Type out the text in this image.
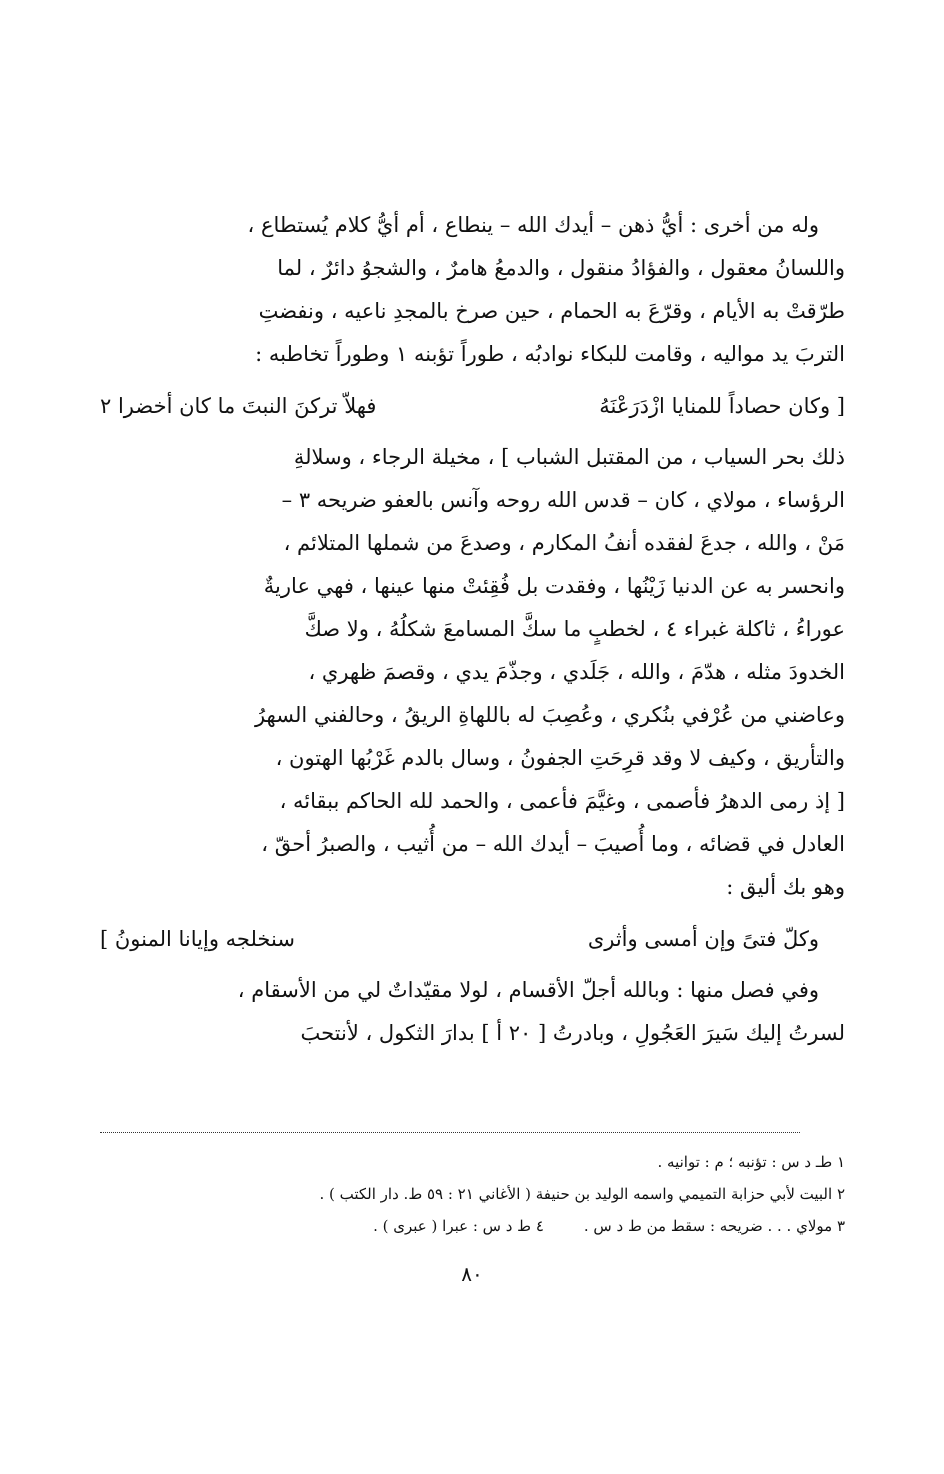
وله من أخرى : أيُّ ذهن – أيدك الله – ينطاع ، أم أيُّ كلام يُستطاع ،
واللسانُ معقول ، والفؤادُ منقول ، والدمعُ هامرٌ ، والشجوُ دائرٌ ، لما
طرّقتْ به الأيام ، وقرّعَ به الحمام ، حين صرخ بالمجدِ ناعيه ، ونفضتِ
التربَ يد مواليه ، وقامت للبكاء نوادبُه ، طوراً تؤبنه ١ وطوراً تخاطبه :
[ وكان حصاداً للمنايا ازْدَرَعْنَهُ
فهلاّ تركنَ النبتَ ما كان أخضرا ٢
ذلك بحر السياب ، من المقتبل الشباب ] ، مخيلة الرجاء ، وسلالةِ
الرؤساء ، مولاي ، كان – قدس الله روحه وآنس بالعفو ضريحه ٣ –
مَنْ ، والله ، جدعَ لفقده أنفُ المكارم ، وصدعَ من شملها المتلائم ،
وانحسر به عن الدنيا زَيْنُها ، وفقدت بل فُقِئتْ منها عينها ، فهي عاريةٌ
عوراءُ ، ثاكلة غبراء ٤ ، لخطبٍ ما سكَّ المسامعَ شكلُهُ ، ولا صكَّ
الخدودَ مثله ، هدّمَ ، والله ، جَلَدي ، وجذّمَ يدي ، وقصمَ ظهري ،
وعاضني من عُرْفي بنُكري ، وعُصِبَ له باللهاةِ الريقُ ، وحالفني السهرُ
والتأريق ، وكيف لا وقد قرِحَتِ الجفونُ ، وسال بالدم غَرْبُها الهتون ،
[ إذ رمى الدهرُ فأصمى ، وغيَّمَ فأعمى ، والحمد لله الحاكم ببقائه ،
العادل في قضائه ، وما أُصيبَ – أيدك الله – من أُثيب ، والصبرُ أحقّ ،
وهو بك أليق :
وكلّ فتىً وإن أمسى وأثرى
سنخلجه وإيانا المنونُ ]
وفي فصل منها : وبالله أجلّ الأقسام ، لولا مقيّداتٌ لي من الأسقام ،
لسرتُ إليك سَيرَ العَجُولِ ، وبادرتُ [ ٢٠ أ ] بدارَ الثكول ، لأنتحبَ
١ طـ د س : تؤنبه ؛ م : توانيه .
٢ البيت لأبي حزابة التميمي واسمه الوليد بن حنيفة ( الأغاني ٢١ : ٥٩ ط. دار الكتب ) .
٣ مولاي . . . ضريحه : سقط من ط د س .٤ ط د س : عبرا ( عبرى ) .
٨٠
